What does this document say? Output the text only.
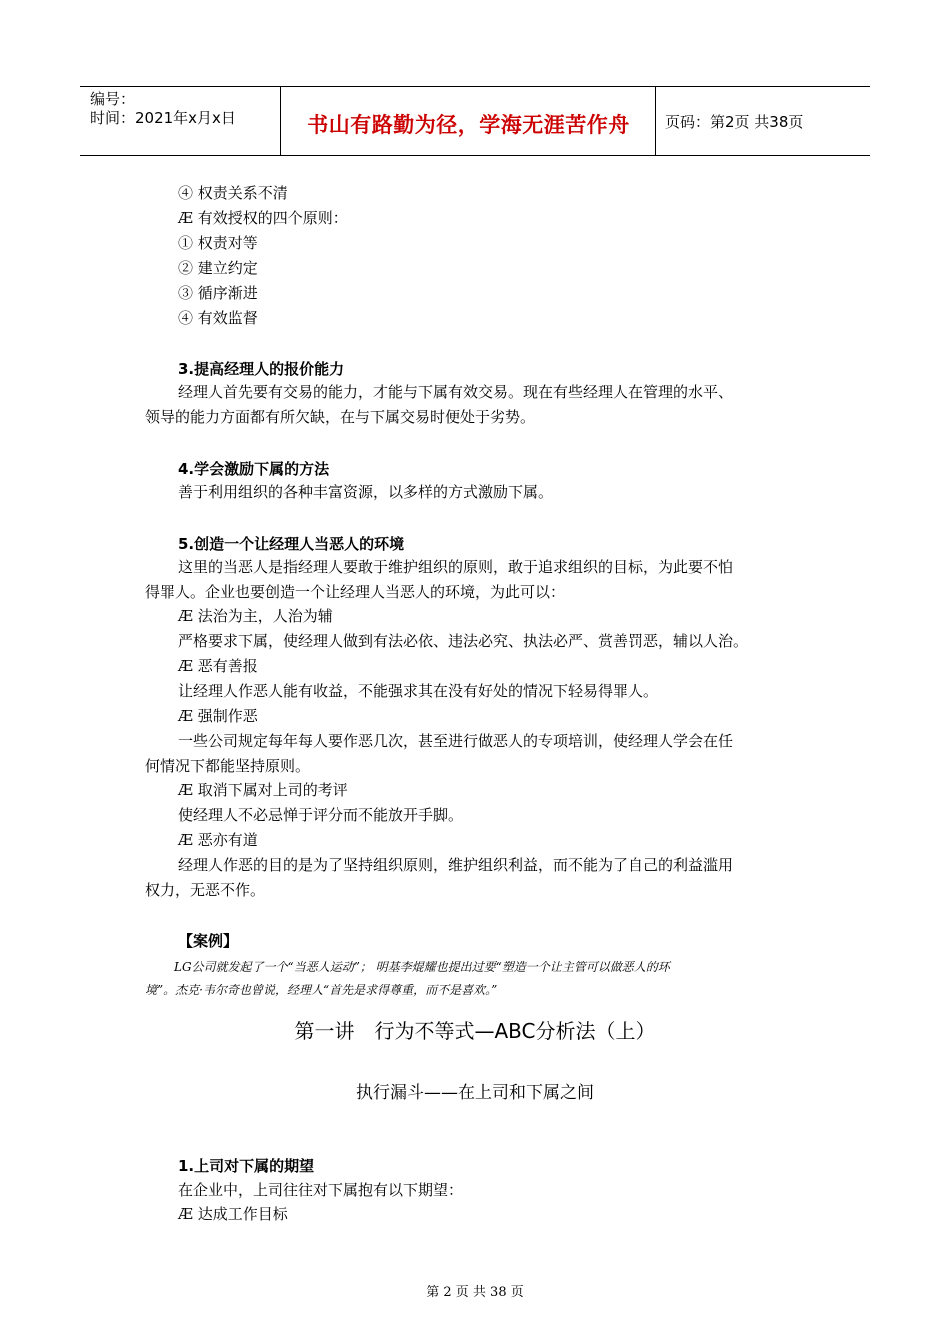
编号：
时间：2021年x月x日	书山有路勤为径，学海无涯苦作舟	页码：第2页 共38页
④ 权责关系不清
Æ 有效授权的四个原则：
① 权责对等
② 建立约定
③ 循序渐进
④ 有效监督
3.提高经理人的报价能力
经理人首先要有交易的能力，才能与下属有效交易。现在有些经理人在管理的水平、
领导的能力方面都有所欠缺，在与下属交易时便处于劣势。
4.学会激励下属的方法
善于利用组织的各种丰富资源，以多样的方式激励下属。
5.创造一个让经理人当恶人的环境
这里的当恶人是指经理人要敢于维护组织的原则，敢于追求组织的目标，为此要不怕
得罪人。企业也要创造一个让经理人当恶人的环境，为此可以：
Æ 法治为主，人治为辅
严格要求下属，使经理人做到有法必依、违法必究、执法必严、赏善罚恶，辅以人治。
Æ 恶有善报
让经理人作恶人能有收益，不能强求其在没有好处的情况下轻易得罪人。
Æ 强制作恶
一些公司规定每年每人要作恶几次，甚至进行做恶人的专项培训，使经理人学会在任
何情况下都能坚持原则。
Æ 取消下属对上司的考评
使经理人不必忌惮于评分而不能放开手脚。
Æ 恶亦有道
经理人作恶的目的是为了坚持组织原则，维护组织利益，而不能为了自己的利益滥用
权力，无恶不作。
【案例】
LG公司就发起了一个“当恶人运动”； 明基李焜耀也提出过要“塑造一个让主管可以做恶人的环
境”。杰克·韦尔奇也曾说，经理人“首先是求得尊重，而不是喜欢。”
第一讲　行为不等式—ABC分析法（上）
执行漏斗——在上司和下属之间
1.上司对下属的期望
在企业中，上司往往对下属抱有以下期望：
Æ 达成工作目标
第 2 页 共 38 页
